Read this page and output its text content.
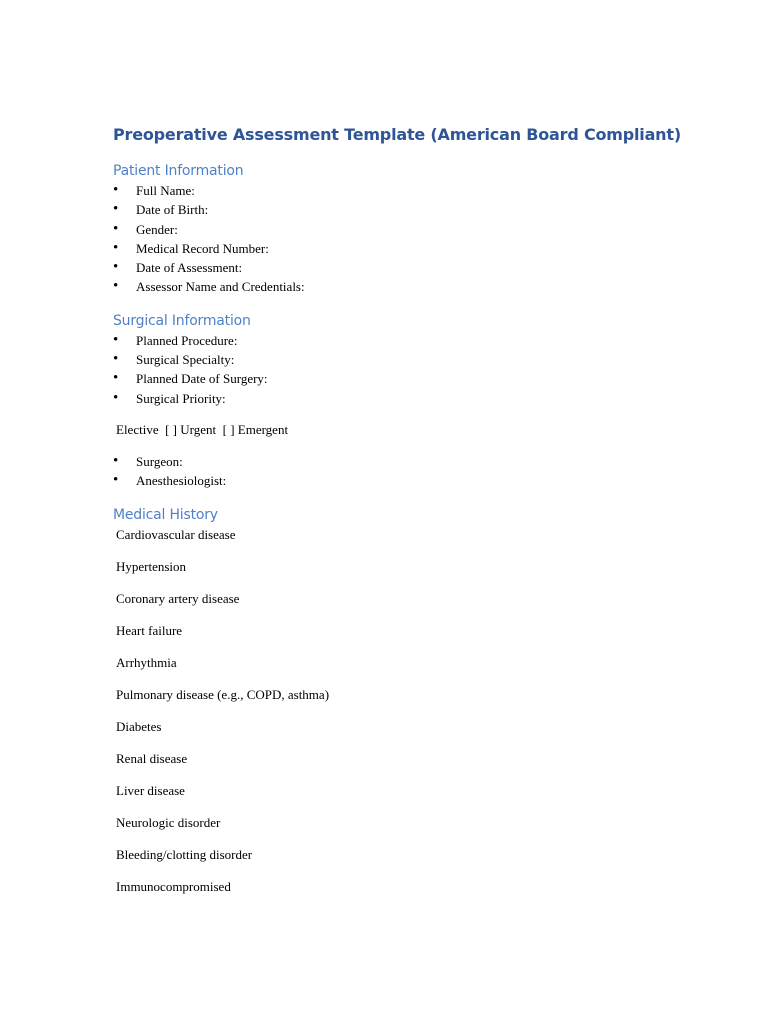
Preoperative Assessment Template (American Board Compliant)
Patient Information
• Full Name:
• Date of Birth:
• Gender:
• Medical Record Number:
• Date of Assessment:
• Assessor Name and Credentials:
Surgical Information
• Planned Procedure:
• Surgical Specialty:
• Planned Date of Surgery:
• Surgical Priority:

Elective  [ ] Urgent  [ ] Emergent

• Surgeon:
• Anesthesiologist:
Medical History

Cardiovascular disease

Hypertension

Coronary artery disease

Heart failure

Arrhythmia

Pulmonary disease (e.g., COPD, asthma)

Diabetes

Renal disease

Liver disease

Neurologic disorder

Bleeding/clotting disorder

Immunocompromised
